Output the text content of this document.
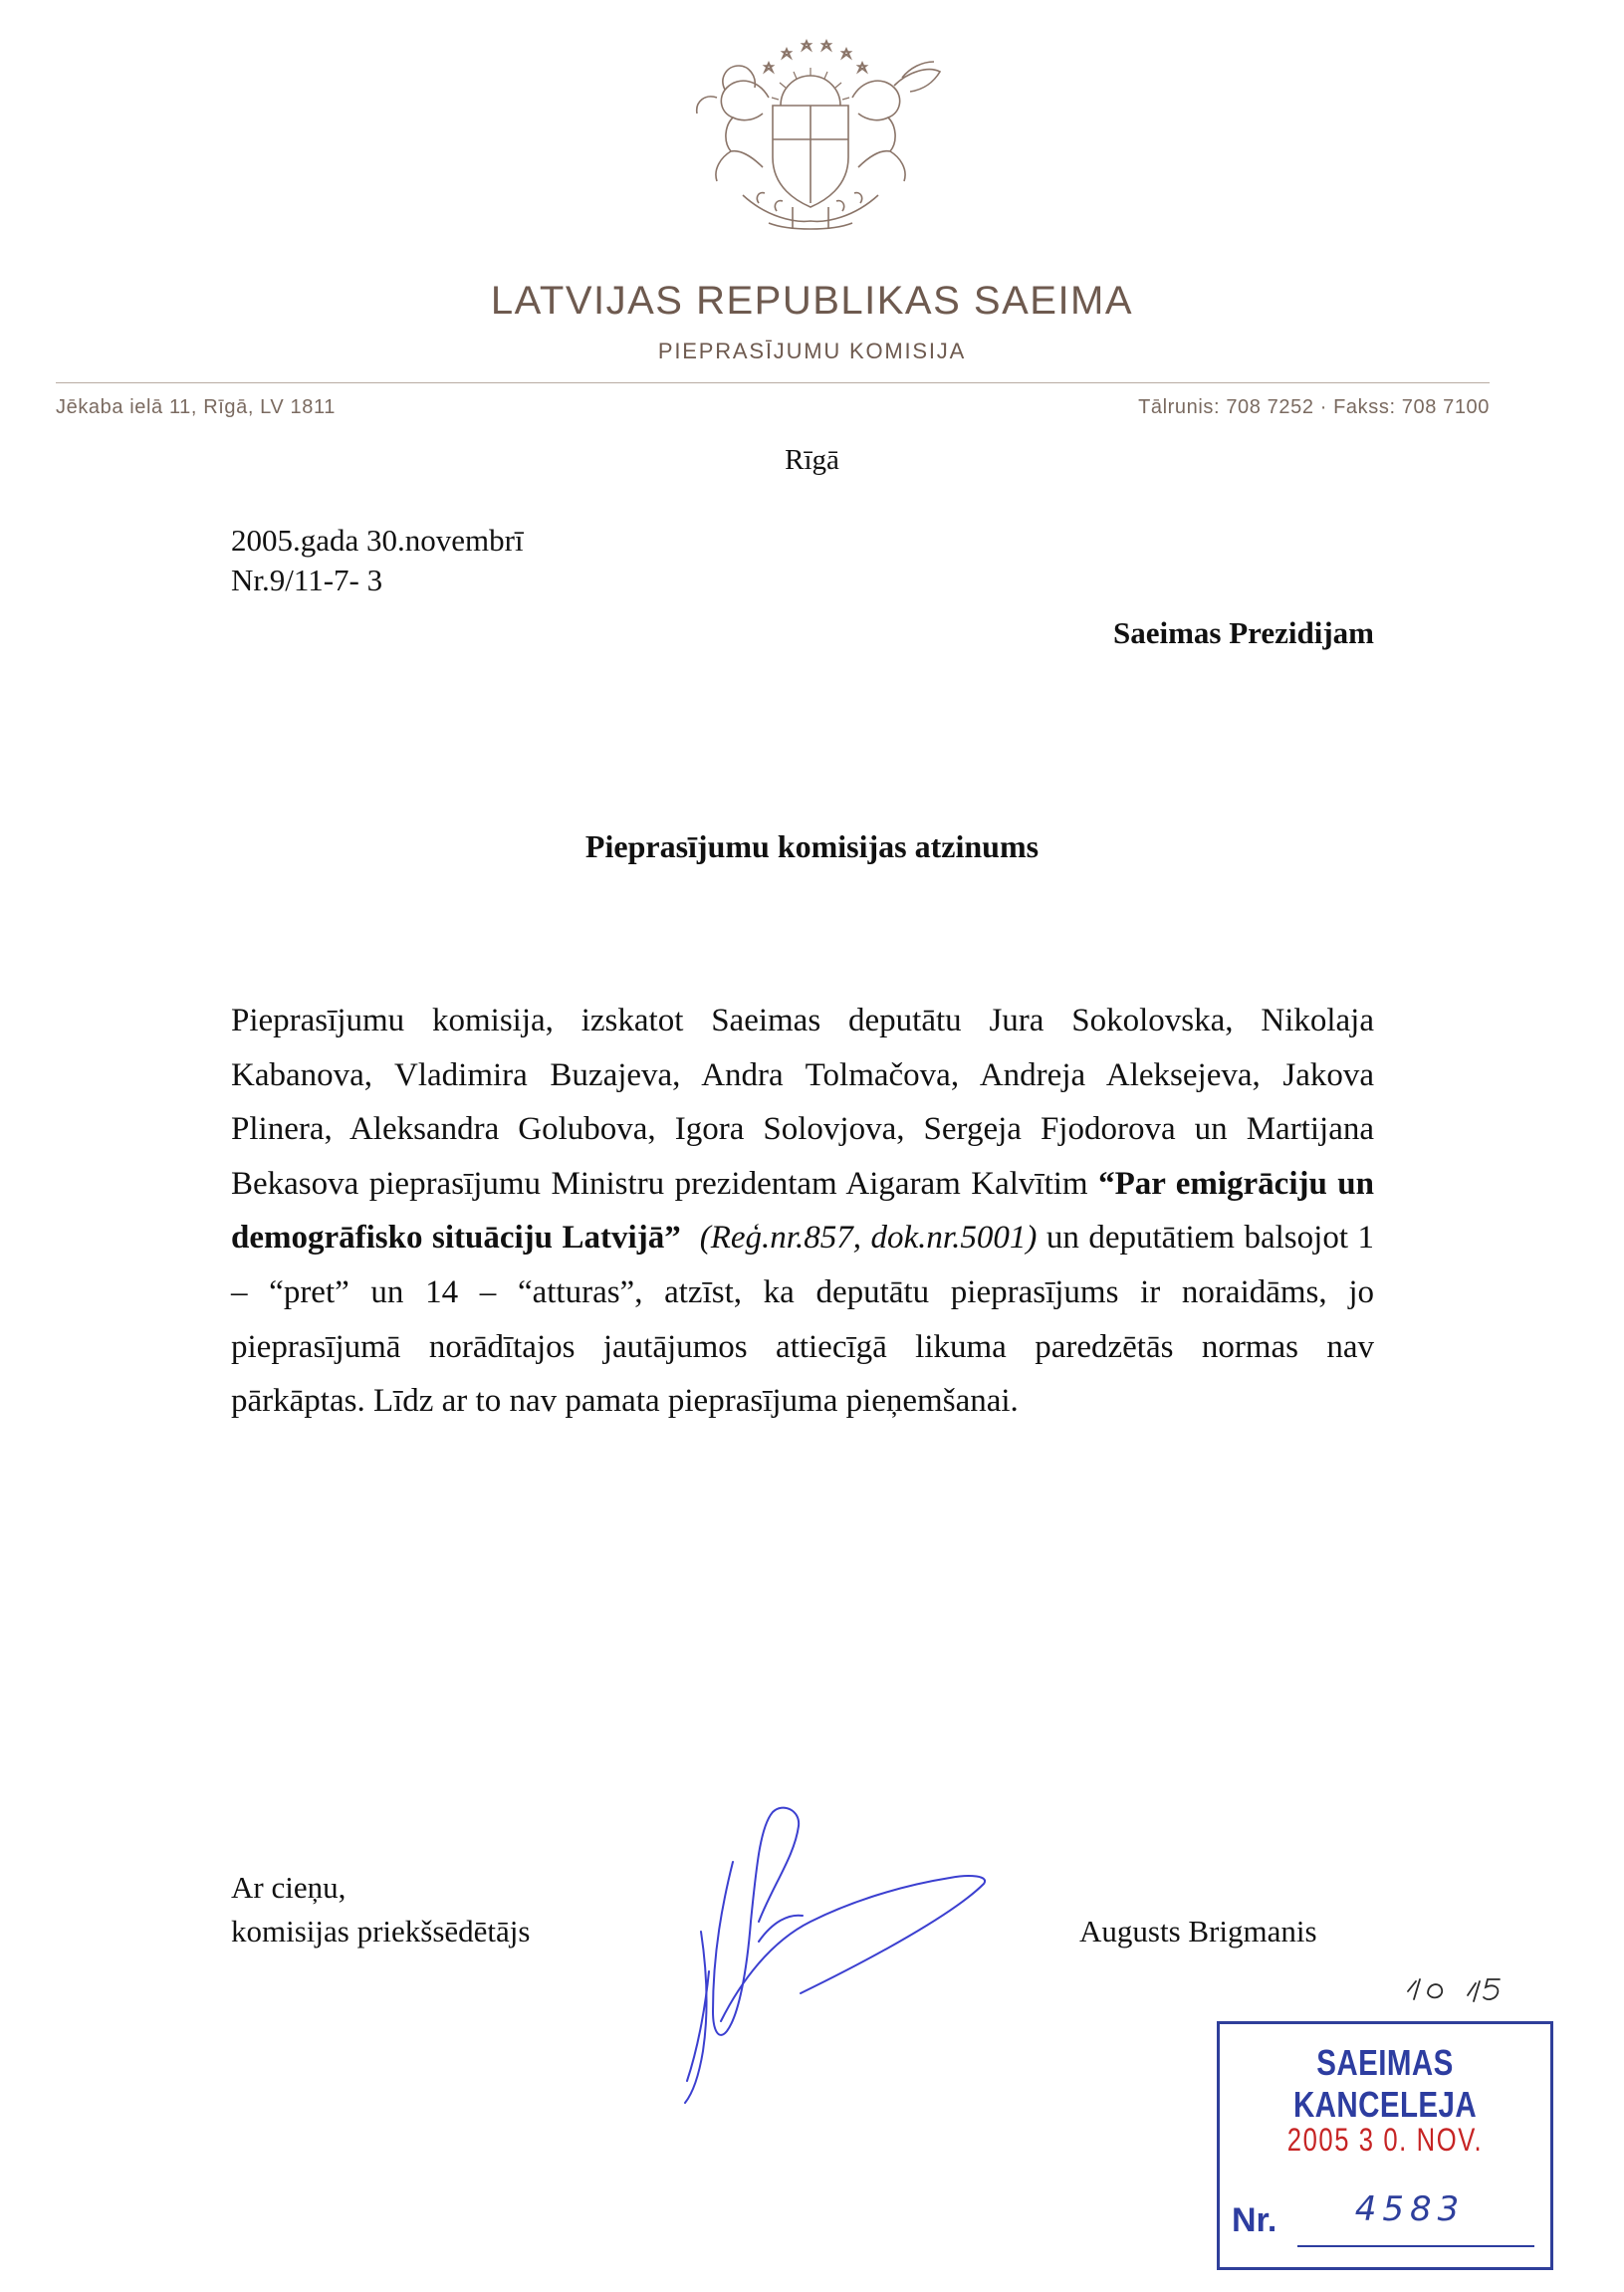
LATVIJAS REPUBLIKAS SAEIMA
PIEPRASĪJUMU KOMISIJA
Jēkaba ielā 11, Rīgā, LV 1811	Tālrunis: 708 7252 · Fakss: 708 7100
Rīgā
2005.gada 30.novembrī
Nr.9/11-7- 3
Saeimas Prezidijam
Pieprasījumu komisijas atzinums

Pieprasījumu komisija, izskatot Saeimas deputātu Jura Sokolovska, Nikolaja Kabanova, Vladimira Buzajeva, Andra Tolmačova, Andreja Aleksejeva, Jakova Plinera, Aleksandra Golubova, Igora Solovjova, Sergeja Fjodorova un Martijana Bekasova pieprasījumu Ministru prezidentam Aigaram Kalvītim “Par emigrāciju un demogrāfisko situāciju Latvijā” (Reģ.nr.857, dok.nr.5001) un deputātiem balsojot 1 – “pret” un 14 – “atturas”, atzīst, ka deputātu pieprasījums ir noraidāms, jo pieprasījumā norādītajos jautājumos attiecīgā likuma paredzētās normas nav pārkāptas. Līdz ar to nav pamata pieprasījuma pieņemšanai.

Ar cieņu,
komisijas priekšsēdētājs	Augusts Brigmanis
SAEIMAS KANCELEJA
2005 3 0. NOV.
Nr.	4583
